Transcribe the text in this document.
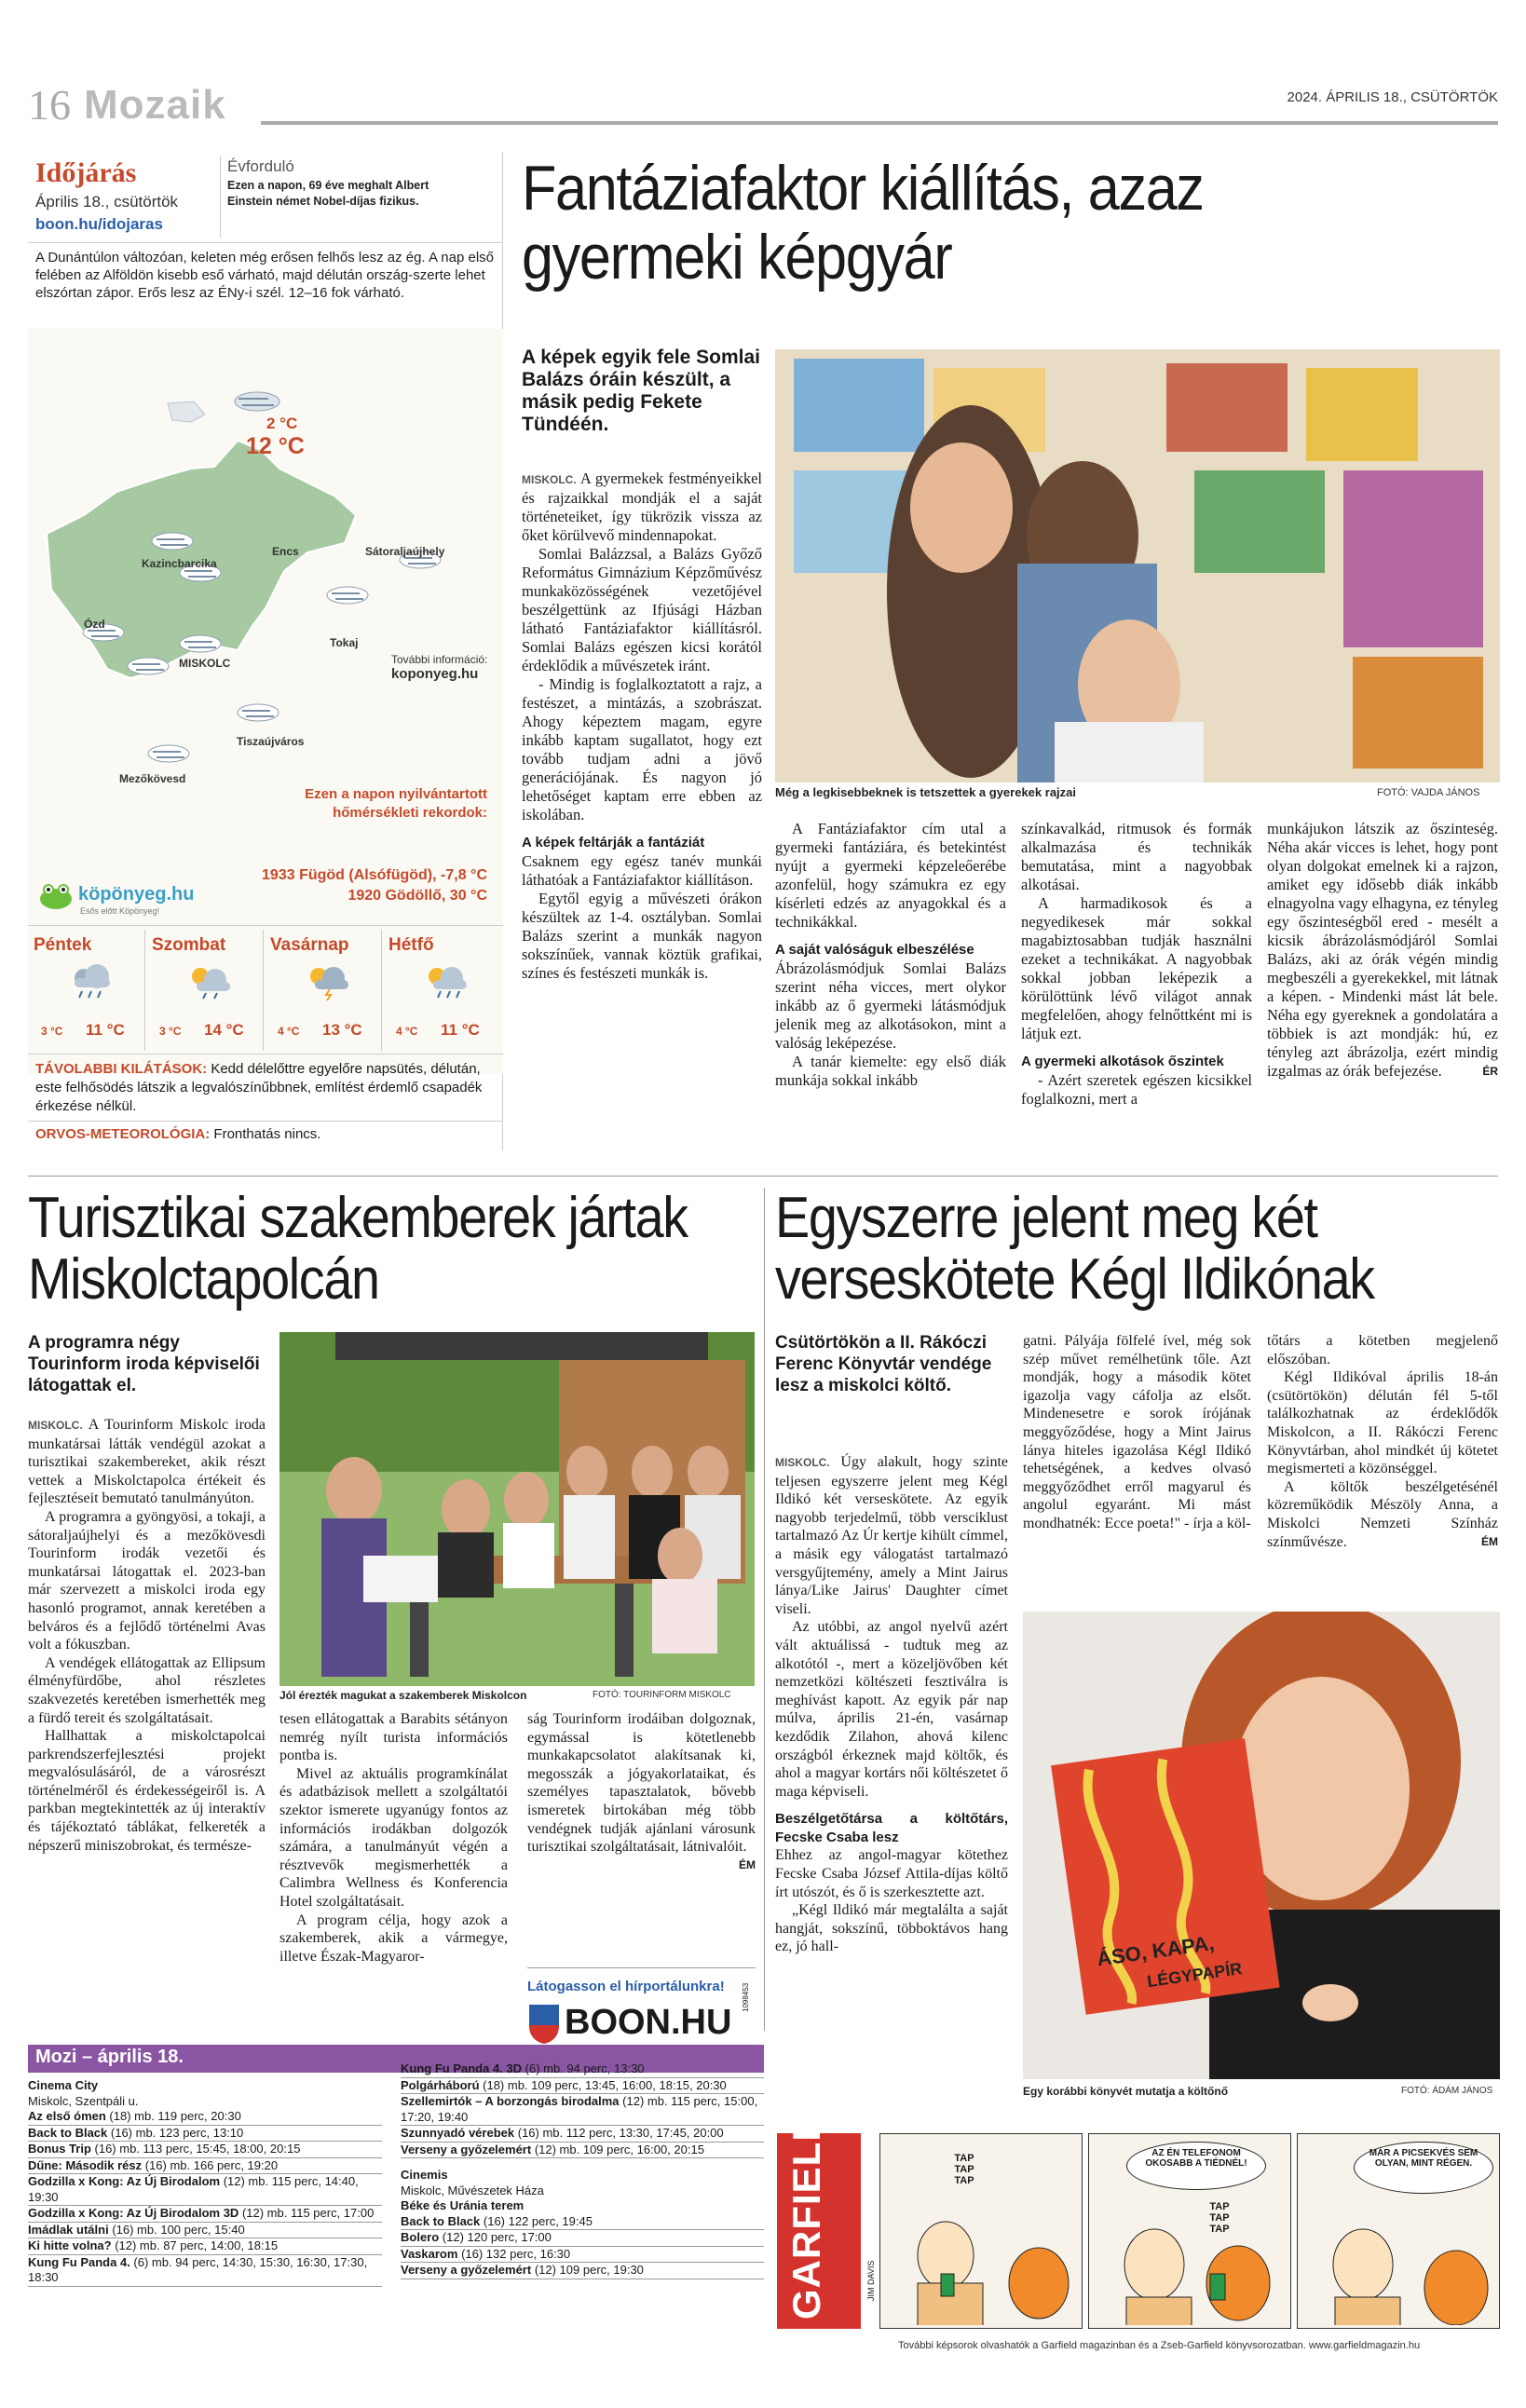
16 Mozaik	2024. ÁPRILIS 18., CSÜTÖRTÖK
Időjárás
Április 18., csütörtök
boon.hu/idojaras
Évforduló
Ezen a napon, 69 éve meghalt Albert Einstein német Nobel-díjas fizikus.
A Dunántúlon változóan, keleten még erősen felhős lesz az ég. A nap első felében az Alföldön kisebb eső várható, majd délután ország-szerte lehet elszórtan zápor. Erős lesz az ÉNy-i szél. 12–16 fok várható.
2 °C
12 °C
Kazincbarcika
Encs	Sátoraljaújhely
Ózd
Tokaj
MISKOLC
Tiszaújváros
Mezőkövesd
További információ:
koponyeg.hu
Ezen a napon nyilvántartott hőmérsékleti rekordok:
1933 Fügöd (Alsófügöd), -7,8 °C
1920 Gödöllő, 30 °C
köpönyeg.hu
Esős előtt Köpönyeg!
Péntek
3 °C 11 °C
Szombat
3 °C 14 °C
Vasárnap
4 °C 13 °C
Hétfő
4 °C 11 °C
TÁVOLABBI KILÁTÁSOK: Kedd délelőttre egyelőre napsütés, délután, este felhősödés látszik a legvalószínűbbnek, említést érdemlő csapadék érkezése nélkül.
ORVOS-METEOROLÓGIA: Fronthatás nincs.
Fantáziafaktor kiállítás, azaz gyermeki képgyár
A képek egyik fele Somlai Balázs óráin készült, a másik pedig Fekete Tündéén.
Még a legkisebbeknek is tetszettek a gyerekek rajzai	FOTÓ: VAJDA JÁNOS

MISKOLC. A gyermekek festményeikkel és rajzaikkal mondják el a saját történeteiket, így tükrözik vissza az őket körülvevő mindennapokat.

Somlai Balázzsal, a Balázs Győző Református Gimnázium Képzőművész munkaközösségének vezetőjével beszélgettünk az Ifjúsági Házban látható Fantáziafaktor kiállításról. Somlai Balázs egészen kicsi korától érdeklődik a művészetek iránt.

- Mindig is foglalkoztatott a rajz, a festészet, a mintázás, a szobrászat. Ahogy képeztem magam, egyre inkább kaptam sugallatot, hogy ezt tovább tudjam adni a jövő generációjának. És nagyon jó lehetőséget kaptam erre ebben az iskolában.

A képek feltárják a fantáziát

Csaknem egy egész tanév munkái láthatóak a Fantáziafaktor kiállításon.

Egytől egyig a művészeti órákon készültek az 1-4. osztályban. Somlai Balázs szerint a munkák nagyon sokszínűek, vannak köztük grafikai, színes és festészeti munkák is.

A Fantáziafaktor cím utal a gyermeki fantáziára, és betekintést nyújt a gyermeki képzeleőerébe azonfelül, hogy számukra ez egy kísérleti edzés az anyagokkal és a technikákkal.

A saját valóságuk elbeszélése

Ábrázolásmódjuk Somlai Balázs szerint néha vicces, mert olykor inkább az ő gyermeki látásmódjuk jelenik meg az alkotásokon, mint a valóság leképezése.

A tanár kiemelte: egy első diák munkája sokkal inkább

színkavalkád, ritmusok és formák alkalmazása és technikák bemutatása, mint a nagyobbak alkotásai.

A harmadikosok és a negyedikesek már sokkal magabiztosabban tudják használni ezeket a technikákat. A nagyobbak sokkal jobban leképezik a körülöttünk lévő világot annak megfelelően, ahogy felnőttként mi is látjuk ezt.

A gyermeki alkotások őszintek

- Azért szeretek egészen kicsikkel foglalkozni, mert a

munkájukon látszik az őszinteség. Néha akár vicces is lehet, hogy pont olyan dolgokat emelnek ki a rajzon, amiket egy idősebb diák inkább elnagyolna vagy elhagyna, ez tényleg egy őszinteségből ered - mesélt a kicsik ábrázolásmódjáról Somlai Balázs, aki az órák végén mindig megbeszéli a gyerekekkel, mit látnak a képen. - Mindenki mást lát bele. Néha egy gyereknek a gondolatára a többiek is azt mondják: hú, ez tényleg azt ábrázolja, ezért mindig izgalmas az órák befejezése.	ÉR

Turisztikai szakemberek jártak Miskolctapolcán
A programra négy Tourinform iroda képviselői látogattak el.

MISKOLC. A Tourinform Miskolc iroda munkatársai látták vendégül azokat a turisztikai szakembereket, akik részt vettek a Miskolctapolca értékeit és fejlesztéseit bemutató tanulmányúton.

A programra a gyöngyösi, a tokaji, a sátoraljaújhelyi és a mezőkövesdi Tourinform irodák vezetői és munkatársai látogattak el. 2023-ban már szervezett a miskolci iroda egy hasonló programot, annak keretében a belváros és a fejlődő történelmi Avas volt a fókuszban.

A vendégek ellátogattak az Ellipsum élményfürdőbe, ahol részletes szakvezetés keretében ismerhették meg a fürdő tereit és szolgáltatásait.

Hallhattak a miskolctapolcai parkrendszerfejlesztési projekt megvalósulásáról, de a városrészt történelméről és érdekességeiről is. A parkban megtekintették az új interaktív és tájékoztató táblákat, felkereték a népszerű miniszobrokat, és természe-

Jól érezték magukat a szakemberek Miskolcon	FOTÓ: TOURINFORM MISKOLC

tesen ellátogattak a Barabits sétányon nemrég nyílt turista információs pontba is.

Mivel az aktuális programkínálat és adatbázisok mellett a szolgáltatói szektor ismerete ugyanúgy fontos az információs irodákban dolgozók számára, a tanulmányút végén a résztvevők megismerhették a Calimbra Wellness és Konferencia Hotel szolgáltatásait.

A program célja, hogy azok a szakemberek, akik a vármegye, illetve Észak-Magyaror-

ság Tourinform irodáiban dolgoznak, egymással is kötetlenebb munkakapcsolatot alakítsanak ki, megosszák a jógyakorlataikat, és személyes tapasztalatok, bővebb ismeretek birtokában még több vendégnek tudják ajánlani városunk turisztikai szolgáltatásait, látnivalóit.
ÉM

Látogasson el hírportálunkra!
BOON.HU
1098453
Egyszerre jelent meg két verseskötete Kégl Ildikónak
Csütörtökön a II. Rákóczi Ferenc Könyvtár vendége lesz a miskolci költő.

MISKOLC. Úgy alakult, hogy szinte teljesen egyszerre jelent meg Kégl Ildikó két verseskötete. Az egyik nagyobb terjedelmű, több versciklust tartalmazó Az Úr kertje kihült címmel, a másik egy válogatást tartalmazó versgyűjtemény, amely a Mint Jairus lánya/Like Jairus' Daughter címet viseli.

Az utóbbi, az angol nyelvű azért vált aktuálissá - tudtuk meg az alkotótól -, mert a közeljövőben két nemzetközi költészeti fesztiválra is meghívást kapott. Az egyik pár nap múlva, április 21-én, vasárnap kezdődik Zilahon, ahová kilenc országból érkeznek majd költők, és ahol a magyar kortárs női költészetet ő maga képviseli.

Beszélgetőtársa a költőtárs, Fecske Csaba lesz

Ehhez az angol-magyar kötethez Fecske Csaba József Attila-díjas költő írt utószót, és ő is szerkesztette azt.

„Kégl Ildikó már megtalálta a saját hangját, sokszínű, többoktávos hang ez, jó hall-

gatni. Pályája fölfelé ível, még sok szép művet remélhetünk tőle. Azt mondják, hogy a második kötet igazolja vagy cáfolja az elsőt. Mindenesetre e sorok írójának meggyőződése, hogy a Mint Jairus lánya hiteles igazolása Kégl Ildikó tehetségének, a kedves olvasó meggyőződhet erről magyarul és angolul egyaránt. Mi mást mondhatnék: Ecce poeta!" - írja a köl-

tőtárs a kötetben megjelenő előszóban.

Kégl Ildikóval április 18-án (csütörtökön) délután fél 5-től találkozhatnak az érdeklődők Miskolcon, a II. Rákóczi Ferenc Könyvtárban, ahol mindkét új kötetet megismerteti a közönséggel.

A költők beszélgetésénél közreműködik Mészöly Anna, a Miskolci Nemzeti Színház színművésze.	ÉM

ÁSO, KAPA,
LÉGYPAPÍR
Egy korábbi könyvét mutatja a költőnő	FOTÓ: ÁDÁM JÁNOS
Mozi – április 18.
Cinema City
Miskolc, Szentpáli u.
Az első ómen (18) mb. 119 perc, 20:30
Back to Black (16) mb. 123 perc, 13:10
Bonus Trip (16) mb. 113 perc, 15:45, 18:00, 20:15
Dűne: Második rész (16) mb. 166 perc, 19:20
Godzilla x Kong: Az Új Birodalom (12) mb. 115 perc, 14:40, 19:30
Godzilla x Kong: Az Új Birodalom 3D (12) mb. 115 perc, 17:00
Imádlak utálni (16) mb. 100 perc, 15:40
Ki hitte volna? (12) mb. 87 perc, 14:00, 18:15
Kung Fu Panda 4. (6) mb. 94 perc, 14:30, 15:30, 16:30, 17:30, 18:30
Kung Fu Panda 4. 3D (6) mb. 94 perc, 13:30
Polgárháború (18) mb. 109 perc, 13:45, 16:00, 18:15, 20:30
Szellemirtók – A borzongás birodalma (12) mb. 115 perc, 15:00, 17:20, 19:40
Szunnyadó vérebek (16) mb. 112 perc, 13:30, 17:45, 20:00
Verseny a győzelemért (12) mb. 109 perc, 16:00, 20:15
Cinemis
Miskolc, Művészetek Háza
Béke és Uránia terem
Back to Black (16) 122 perc, 19:45
Bolero (12) 120 perc, 17:00
Vaskarom (16) 132 perc, 16:30
Verseny a győzelemért (12) 109 perc, 19:30	GARFIELD	JIM DAVIS
TAP TAP TAP
AZ ÉN TELEFONOM OKOSABB A TIÉDNÉL!
TAP TAP TAP
MÁR A PICSEKVÉS SEM OLYAN, MINT RÉGEN.
További képsorok olvashatók a Garfield magazinban és a Zseb-Garfield könyvsorozatban. www.garfieldmagazin.hu
